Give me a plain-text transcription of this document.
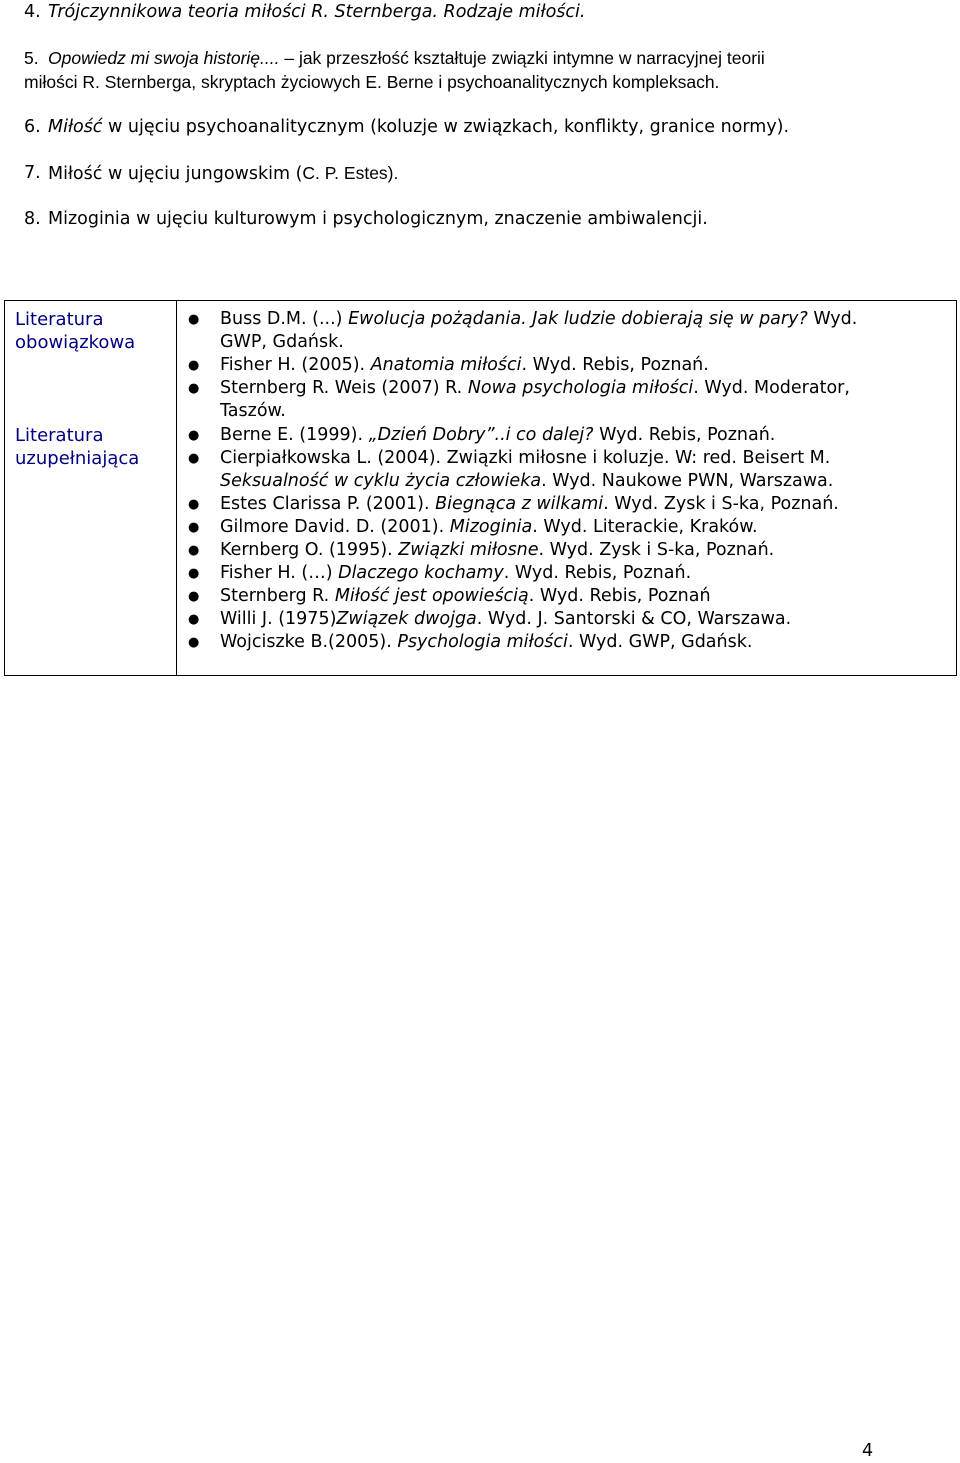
4. Trójczynnikowa teoria miłości R. Sternberga. Rodzaje miłości.
5. Opowiedz mi swoja historię.... – jak przeszłość kształtuje związki intymne w narracyjnej teorii
miłości R. Sternberga, skryptach życiowych E. Berne i psychoanalitycznych kompleksach.
6. Miłość w ujęciu psychoanalitycznym (koluzje w związkach, konflikty, granice normy).
7. Miłość w ujęciu jungowskim (C. P. Estes).
8. Mizoginia w ujęciu kulturowym i psychologicznym, znaczenie ambiwalencji.
Literatura obowiązkowa
Literatura uzupełniająca
● Buss D.M. (...) Ewolucja pożądania. Jak ludzie dobierają się w pary? Wyd.
GWP, Gdańsk.
● Fisher H. (2005). Anatomia miłości. Wyd. Rebis, Poznań.
● Sternberg R. Weis (2007) R. Nowa psychologia miłości. Wyd. Moderator,
Taszów.
● Berne E. (1999). „Dzień Dobry”..i co dalej? Wyd. Rebis, Poznań.
● Cierpiałkowska L. (2004). Związki miłosne i koluzje. W: red. Beisert M.
Seksualność w cyklu życia człowieka. Wyd. Naukowe PWN, Warszawa.
● Estes Clarissa P. (2001). Biegnąca z wilkami. Wyd. Zysk i S-ka, Poznań.
● Gilmore David. D. (2001). Mizoginia. Wyd. Literackie, Kraków.
● Kernberg O. (1995). Związki miłosne. Wyd. Zysk i S-ka, Poznań.
● Fisher H. (…) Dlaczego kochamy. Wyd. Rebis, Poznań.
● Sternberg R. Miłość jest opowieścią. Wyd. Rebis, Poznań
● Willi J. (1975)Związek dwojga. Wyd. J. Santorski & CO, Warszawa.
● Wojciszke B.(2005). Psychologia miłości. Wyd. GWP, Gdańsk.
4
